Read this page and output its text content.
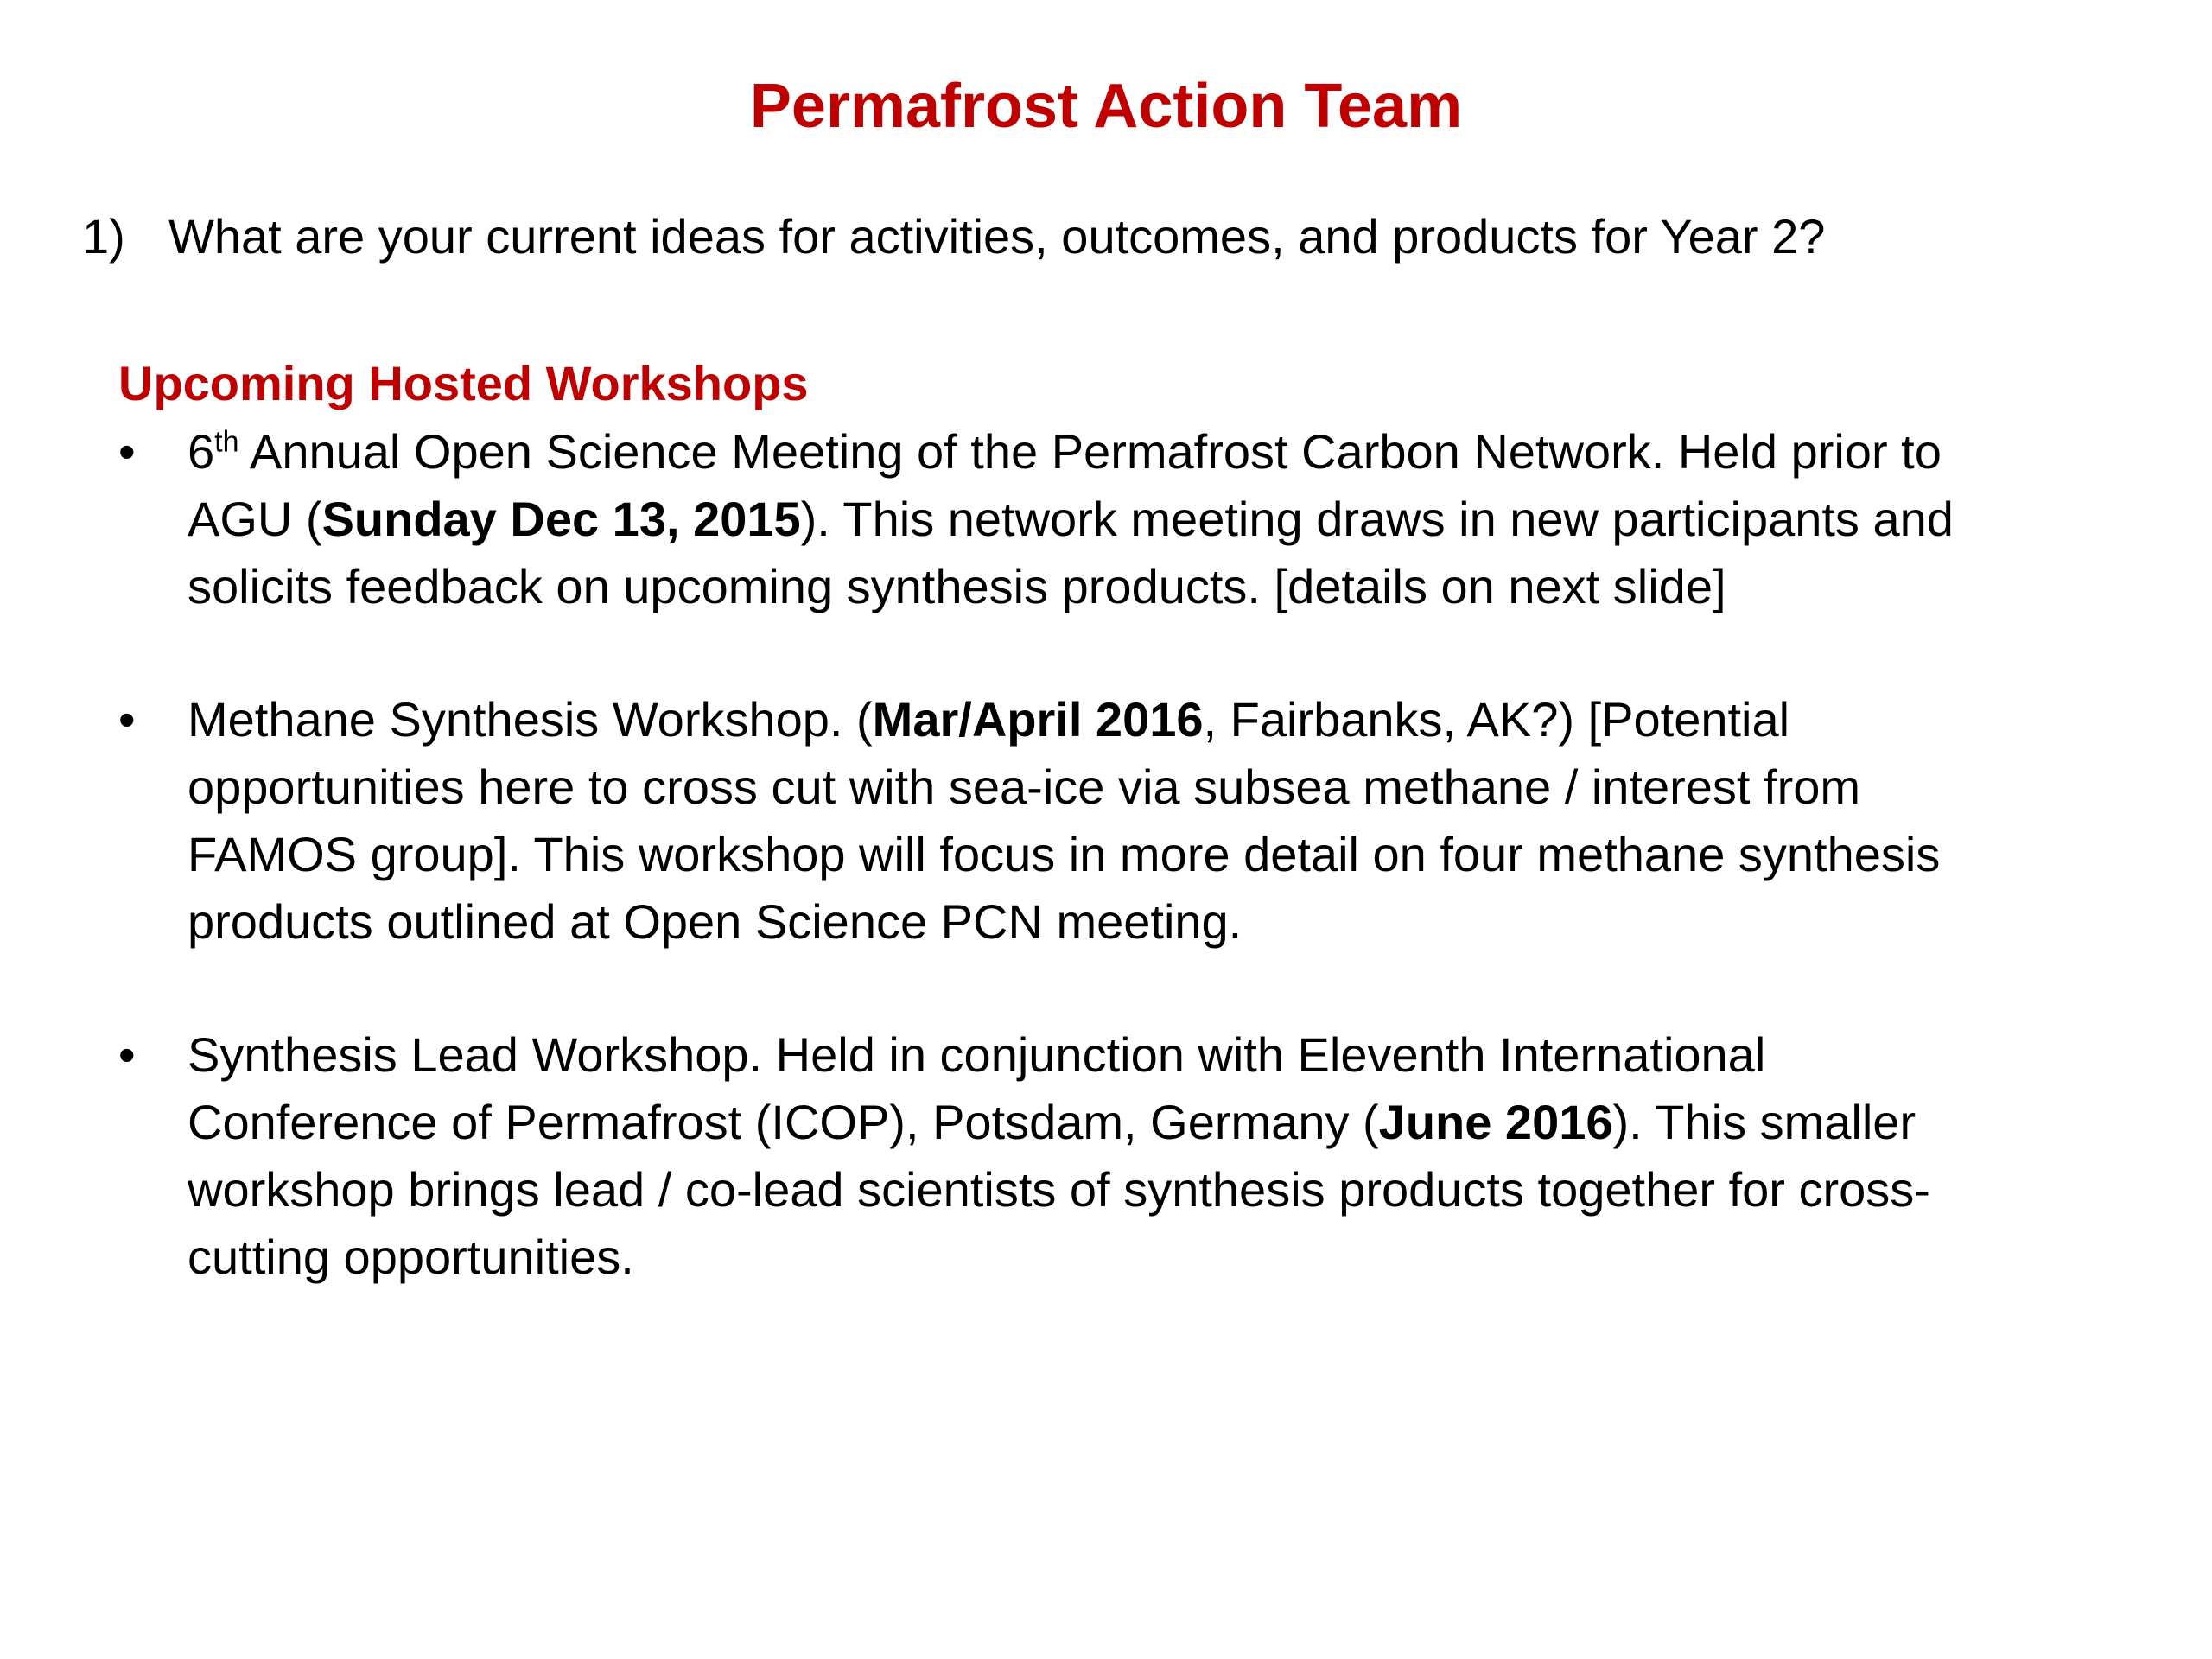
Permafrost Action Team
1) What are your current ideas for activities, outcomes, and products for Year 2?
Upcoming Hosted Workshops
•	6th Annual Open Science Meeting of the Permafrost Carbon Network. Held prior to
AGU (Sunday Dec 13, 2015). This network meeting draws in new participants and
solicits feedback on upcoming synthesis products. [details on next slide]
•	Methane Synthesis Workshop. (Mar/April 2016, Fairbanks, AK?) [Potential
opportunities here to cross cut with sea-ice via subsea methane / interest from
FAMOS group]. This workshop will focus in more detail on four methane synthesis
products outlined at Open Science PCN meeting.
•	Synthesis Lead Workshop. Held in conjunction with Eleventh International
Conference of Permafrost (ICOP), Potsdam, Germany (June 2016). This smaller
workshop brings lead / co-lead scientists of synthesis products together for cross-
cutting opportunities.
